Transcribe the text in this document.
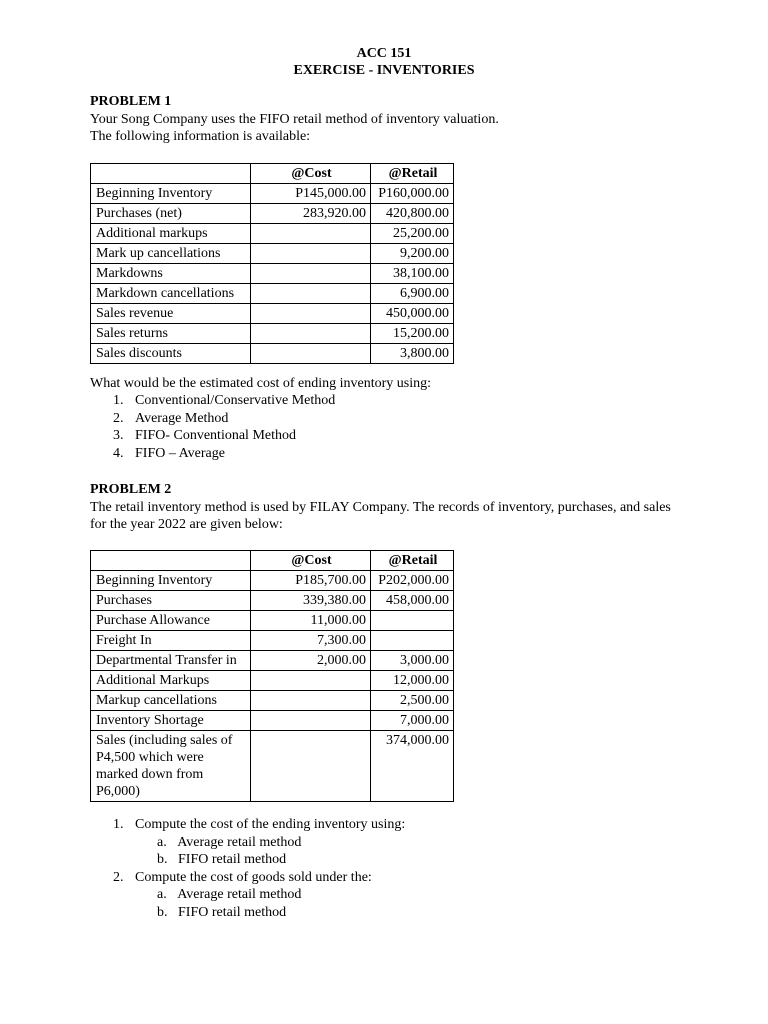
ACC 151
EXERCISE - INVENTORIES
PROBLEM 1
Your Song Company uses the FIFO retail method of inventory valuation.
The following information is available:
	@Cost	@Retail
Beginning Inventory	P145,000.00	P160,000.00
Purchases (net)	283,920.00	420,800.00
Additional markups		25,200.00
Mark up cancellations		9,200.00
Markdowns		38,100.00
Markdown cancellations		6,900.00
Sales revenue		450,000.00
Sales returns		15,200.00
Sales discounts		3,800.00
What would be the estimated cost of ending inventory using:
1. Conventional/Conservative Method
2. Average Method
3. FIFO- Conventional Method
4. FIFO – Average
PROBLEM 2
The retail inventory method is used by FILAY Company. The records of inventory, purchases, and sales
for the year 2022 are given below:
	@Cost	@Retail
Beginning Inventory	P185,700.00	P202,000.00
Purchases	339,380.00	458,000.00
Purchase Allowance	11,000.00	
Freight In	7,300.00	
Departmental Transfer in	2,000.00	3,000.00
Additional Markups		12,000.00
Markup cancellations		2,500.00
Inventory Shortage		7,000.00

Sales (including sales of
P4,500 which were
marked down from
P6,000)		374,000.00
1. Compute the cost of the ending inventory using:
a. Average retail method
b. FIFO retail method
2. Compute the cost of goods sold under the:
a. Average retail method
b. FIFO retail method
